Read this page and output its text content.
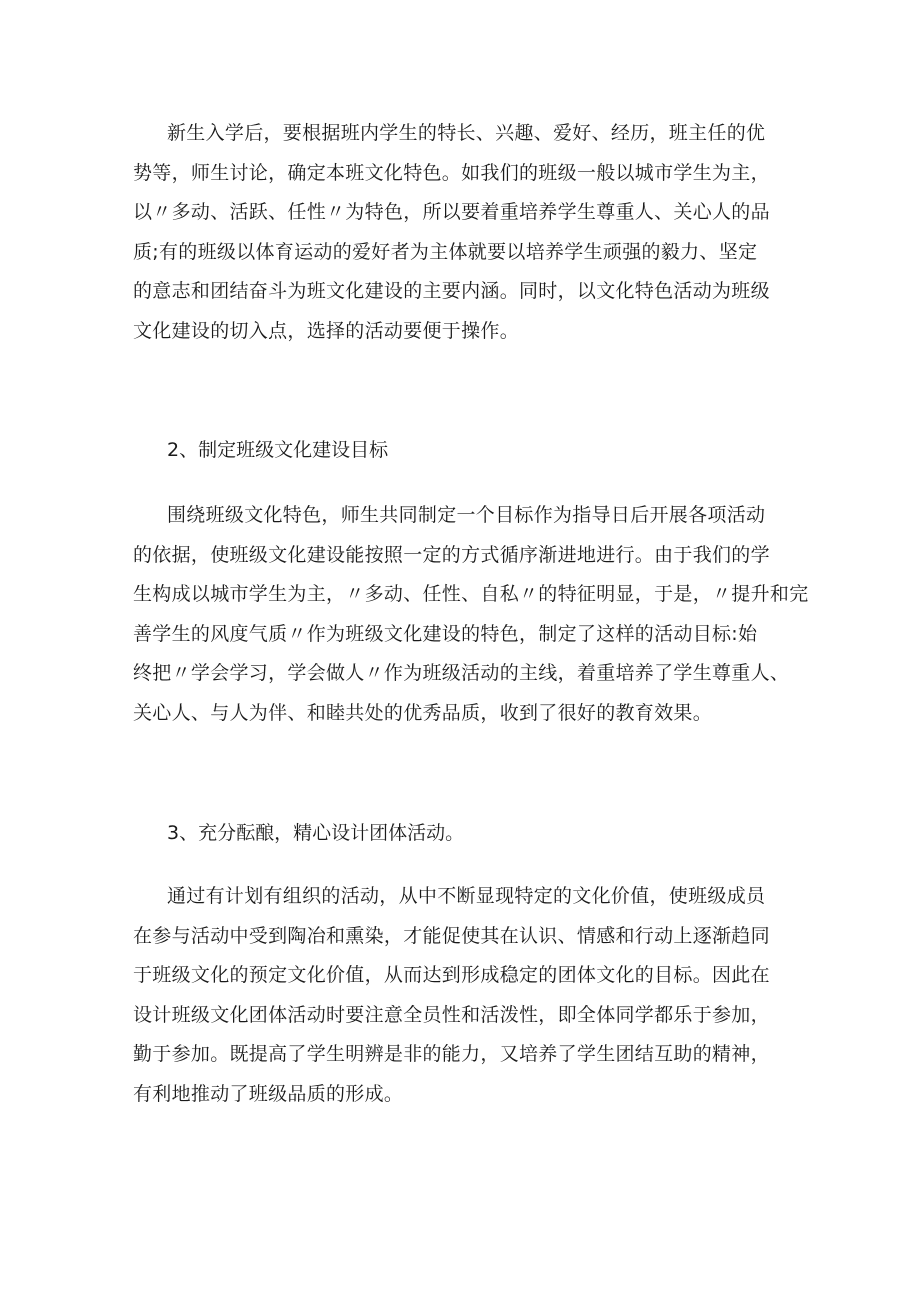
新生入学后，要根据班内学生的特长、兴趣、爱好、经历，班主任的优
势等，师生讨论，确定本班文化特色。如我们的班级一般以城市学生为主，
以〃多动、活跃、任性〃为特色，所以要着重培养学生尊重人、关心人的品
质;有的班级以体育运动的爱好者为主体就要以培养学生顽强的毅力、坚定
的意志和团结奋斗为班文化建设的主要内涵。同时，以文化特色活动为班级
文化建设的切入点，选择的活动要便于操作。
2、制定班级文化建设目标
围绕班级文化特色，师生共同制定一个目标作为指导日后开展各项活动
的依据，使班级文化建设能按照一定的方式循序渐进地进行。由于我们的学
生构成以城市学生为主，〃多动、任性、自私〃的特征明显，于是，〃提升和完
善学生的风度气质〃作为班级文化建设的特色，制定了这样的活动目标:始
终把〃学会学习，学会做人〃作为班级活动的主线，着重培养了学生尊重人、
关心人、与人为伴、和睦共处的优秀品质，收到了很好的教育效果。
3、充分酝酿，精心设计团体活动。
通过有计划有组织的活动，从中不断显现特定的文化价值，使班级成员
在参与活动中受到陶冶和熏染，才能促使其在认识、情感和行动上逐渐趋同
于班级文化的预定文化价值，从而达到形成稳定的团体文化的目标。因此在
设计班级文化团体活动时要注意全员性和活泼性，即全体同学都乐于参加，
勤于参加。既提高了学生明辨是非的能力，又培养了学生团结互助的精神，
有利地推动了班级品质的形成。
